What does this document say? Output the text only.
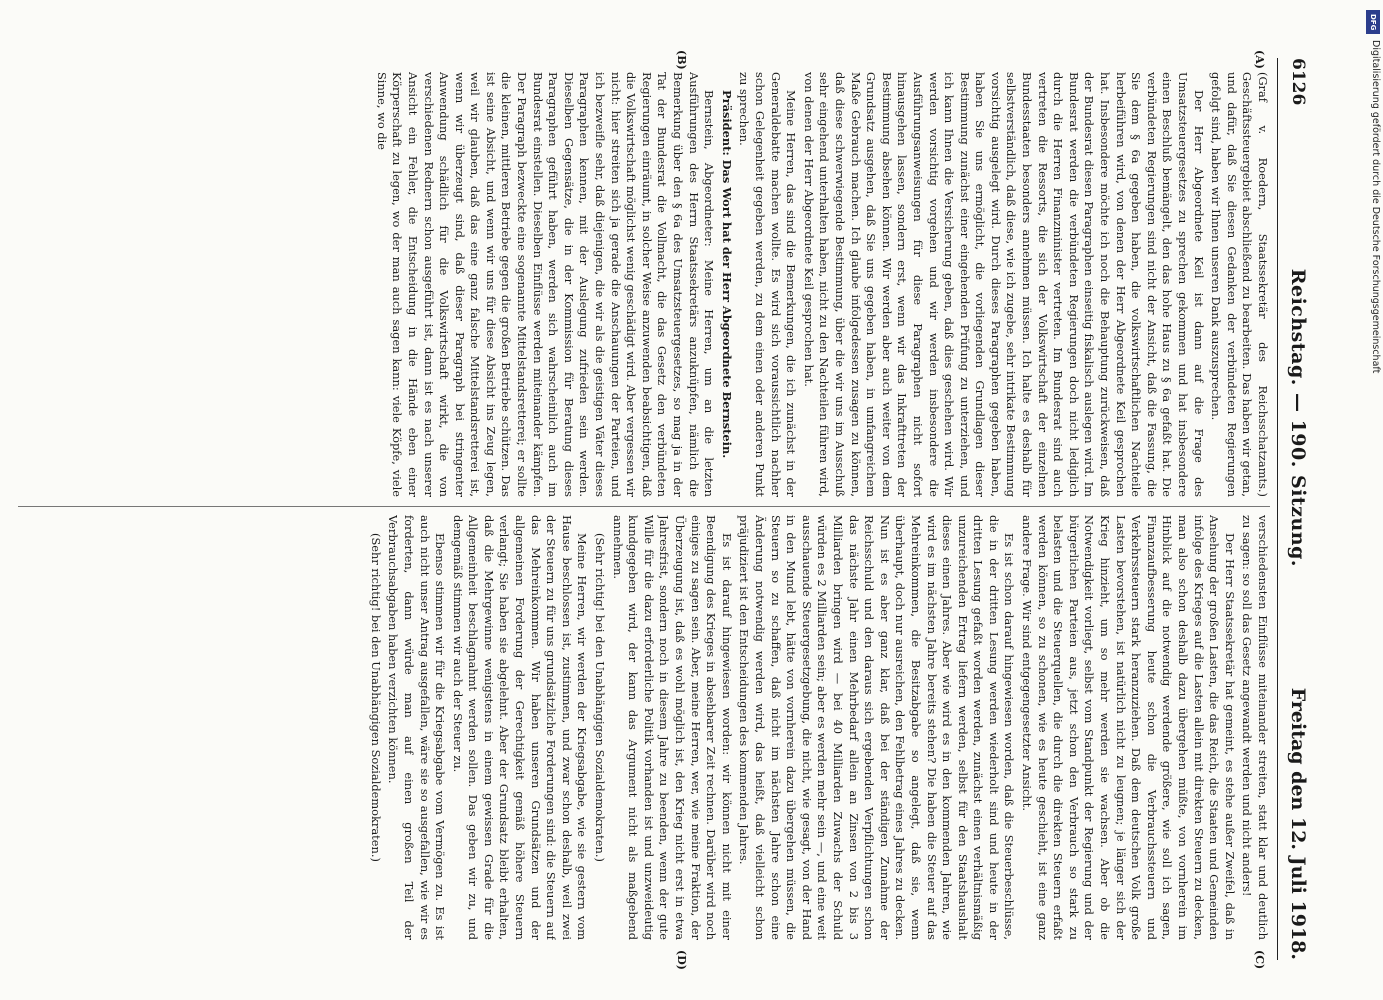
6126
Reichstag. — 190. Sitzung.
Freitag den 12. Juli 1918.
(A)
(B)
(C)
(D)

(Graf v. Roedern, Staatssekretär des Reichsschatzamts.) Geschäftssteuergebiet abschließend zu bearbeiten. Das haben wir getan, und dafür, daß Sie diesen Gedanken der verbündeten Regierungen gefolgt sind, haben wir Ihnen unseren Dank auszusprechen.

Der Herr Abgeordnete Keil ist dann auf die Frage des Umsatzsteuergesetzes zu sprechen gekommen und hat insbesondere einen Beschluß bemängelt, den das hohe Haus zu § 6a gefaßt hat. Die verbündeten Regierungen sind nicht der Ansicht, daß die Fassung, die Sie dem § 6a gegeben haben, die volkswirtschaftlichen Nachteile herbeiführen wird, von denen der Herr Abgeordnete Keil gesprochen hat. Insbesondere möchte ich noch die Behauptung zurückweisen, daß der Bundesrat diesen Paragraphen einseitig fiskalisch auslegen wird. Im Bundesrat werden die verbündeten Regierungen doch nicht lediglich durch die Herren Finanzminister vertreten. Im Bundesrat sind auch vertreten die Ressorts, die sich der Volkswirtschaft der einzelnen Bundesstaaten besonders annehmen müssen. Ich halte es deshalb für selbstverständlich, daß diese, wie ich zugebe, sehr intrikate Bestimmung vorsichtig ausgelegt wird. Durch dieses Paragraphen gegeben haben, haben Sie uns ermöglicht, die vorliegenden Grundlagen dieser Bestimmung zunächst einer eingehenden Prüfung zu unterziehen, und ich kann Ihnen die Versicherung geben, daß dies geschehen wird. Wir werden vorsichtig vorgehen und wir werden insbesondere die Ausführungsanweisungen für diese Paragraphen nicht sofort hinausgehen lassen, sondern erst, wenn wir das Inkrafttreten der Bestimmung absehen können. Wir werden aber auch weiter von dem Grundsatz ausgehen, daß Sie uns gegeben haben, in umfangreichem Maße Gebrauch machen. Ich glaube infolgedessen zusagen zu können, daß diese schwerwiegende Bestimmung, über die wir uns im Ausschuß sehr eingehend unterhalten haben, nicht zu den Nachteilen führen wird, von denen der Herr Abgeordnete Keil gesprochen hat.

Meine Herren, das sind die Bemerkungen, die ich zunächst in der Generaldebatte machen wollte. Es wird sich voraussichtlich nachher schon Gelegenheit gegeben werden, zu dem einen oder anderen Punkt zu sprechen.

Präsident: Das Wort hat der Herr Abgeordnete Bernstein.

Bernstein, Abgeordneter: Meine Herren, um an die letzten Ausführungen des Herrn Staatssekretärs anzuknüpfen, nämlich die Bemerkung über den § 6a des Umsatzsteuergesetzes, so mag ja in der Tat der Bundesrat die Vollmacht, die das Gesetz den verbündeten Regierungen einräumt, in solcher Weise anzuwenden beabsichtigen, daß die Volkswirtschaft möglichst wenig geschädigt wird. Aber vergessen wir nicht: hier streiten sich ja gerade die Anschauungen der Parteien, und ich bezweifle sehr, daß diejenigen, die wir als die geistigen Väter dieses Paragraphen kennen, mit der Auslegung zufrieden sein werden. Dieselben Gegensätze, die in der Kommission für Beratung dieses Paragraphen geführt haben, werden sich wahrscheinlich auch im Bundesrat einstellen. Dieselben Einflüsse werden miteinander kämpfen. Der Paragraph bezweckte eine sogenannte Mittelstandsretterei; er sollte die kleinen, mittleren Betriebe gegen die großen Betriebe schützen. Das ist seine Absicht, und wenn wir uns für diese Absicht ins Zeug legen, weil wir glauben, daß das eine ganz falsche Mittelstandsretterei ist, wenn wir überzeugt sind, daß dieser Paragraph bei stringenter Anwendung schädlich für die Volkswirtschaft wirkt, die von verschiedenen Rednern schon ausgeführt ist, dann ist es nach unserer Ansicht ein Fehler, die Entscheidung in die Hände eben einer Körperschaft zu legen, wo der man auch sagen kann: viele Köpfe, viele Sinne, wo die

verschiedensten Einflüsse miteinander streiten, statt klar und deutlich zu sagen: so soll das Gesetz angewandt werden und nicht anders!

Der Herr Staatssekretär hat gemeint, es stehe außer Zweifel, daß in Ansehung der großen Lasten, die das Reich, die Staaten und Gemeinden infolge des Krieges auf die Lasten allein mit direkten Steuern zu decken, man also schon deshalb dazu übergehen müßte, von vornherein im Hinblick auf die notwendig werdende größere, wie soll ich sagen, Finanzaufbesserung heute schon die Verbrauchssteuern und Verkehrssteuern stark heranzuziehen. Daß dem deutschen Volk große Lasten bevorstehen, ist natürlich nicht zu leugnen; je länger sich der Krieg hinzieht, um so mehr werden sie wachsen. Aber ob die Notwendigkeit vorliegt, selbst vom Standpunkt der Regierung und der bürgerlichen Parteien aus, jetzt schon den Verbrauch so stark zu belasten und die Steuerquellen, die durch die direkten Steuern erfaßt werden können, so zu schonen, wie es heute geschieht, ist eine ganz andere Frage. Wir sind entgegengesetzter Ansicht.

Es ist schon darauf hingewiesen worden, daß die Steuerbeschlüsse, die in der dritten Lesung werden wiederholt sind und heute in der dritten Lesung gefaßt worden werden, zunächst einen verhältnismäßig unzureichenden Ertrag liefern werden, selbst für den Staatshaushalt dieses einen Jahres. Aber wie wird es in den kommenden Jahren, wie wird es im nächsten Jahre bereits stehen? Die haben die Steuer auf das Mehreinkommen, die Besitzabgabe so angelegt, daß sie, wenn überhaupt, doch nur ausreichen, den Fehlbetrag eines Jahres zu decken. Nun ist es aber ganz klar, daß bei der ständigen Zunahme der Reichsschuld und den daraus sich ergebenden Verpflichtungen schon das nächste Jahr einen Mehrbedarf allein an Zinsen von 2 bis 3 Milliarden bringen wird — bei 40 Milliarden Zuwachs der Schuld würden es 2 Milliarden sein; aber es werden mehr sein —, und eine weit ausschauende Steuergesetzgebung, die nicht, wie gesagt, von der Hand in den Mund lebt, hätte von vornherein dazu übergehen müssen, die Steuern so zu schaffen, daß nicht im nächsten Jahre schon eine Änderung notwendig werden wird, das heißt, daß vielleicht schon präjudiziert ist den Entscheidungen des kommenden Jahres.

Es ist darauf hingewiesen worden: wir können nicht mit einer Beendigung des Krieges in absehbarer Zeit rechnen. Darüber wird noch einiges zu sagen sein. Aber, meine Herren, wer, wie meine Fraktion, der Überzeugung ist, daß es wohl möglich ist, den Krieg nicht erst in etwa Jahresfrist, sondern noch in diesem Jahre zu beenden, wenn der gute Wille für die dazu erforderliche Politik vorhanden ist und unzweideutig kundgegeben wird, der kann das Argument nicht als maßgebend annehmen.

(Sehr richtig! bei den Unabhängigen Sozialdemokraten.)

Meine Herren, wir werden der Kriegsabgabe, wie sie gestern vom Hause beschlossen ist, zustimmen, und zwar schon deshalb, weil zwei der Steuern zu für uns grundsätzliche Forderungen sind: die Steuern auf das Mehreinkommen. Wir haben unseren Grundsätzen und der allgemeinen Forderung der Gerechtigkeit gemäß höhere Steuern verlangt; Sie haben sie abgelehnt. Aber der Grundsatz bleibt erhalten, daß die Mehrgewinne wenigstens in einem gewissen Grade für die Allgemeinheit beschlagnahmt werden sollen. Das geben wir zu, und demgemäß stimmen wir auch der Steuer zu.

Ebenso stimmen wir für die Kriegsabgabe vom Vermögen zu. Es ist auch nicht unser Antrag ausgefallen, wäre sie so ausgefallen, wie wir es forderten, dann würde man auf einen großen Teil der Verbrauchsabgaben haben verzichten können.

(Sehr richtig! bei den Unabhängigen Sozialdemokraten.)

DFG
Digitalisierung gefördert durch die Deutsche Forschungsgemeinschaft
